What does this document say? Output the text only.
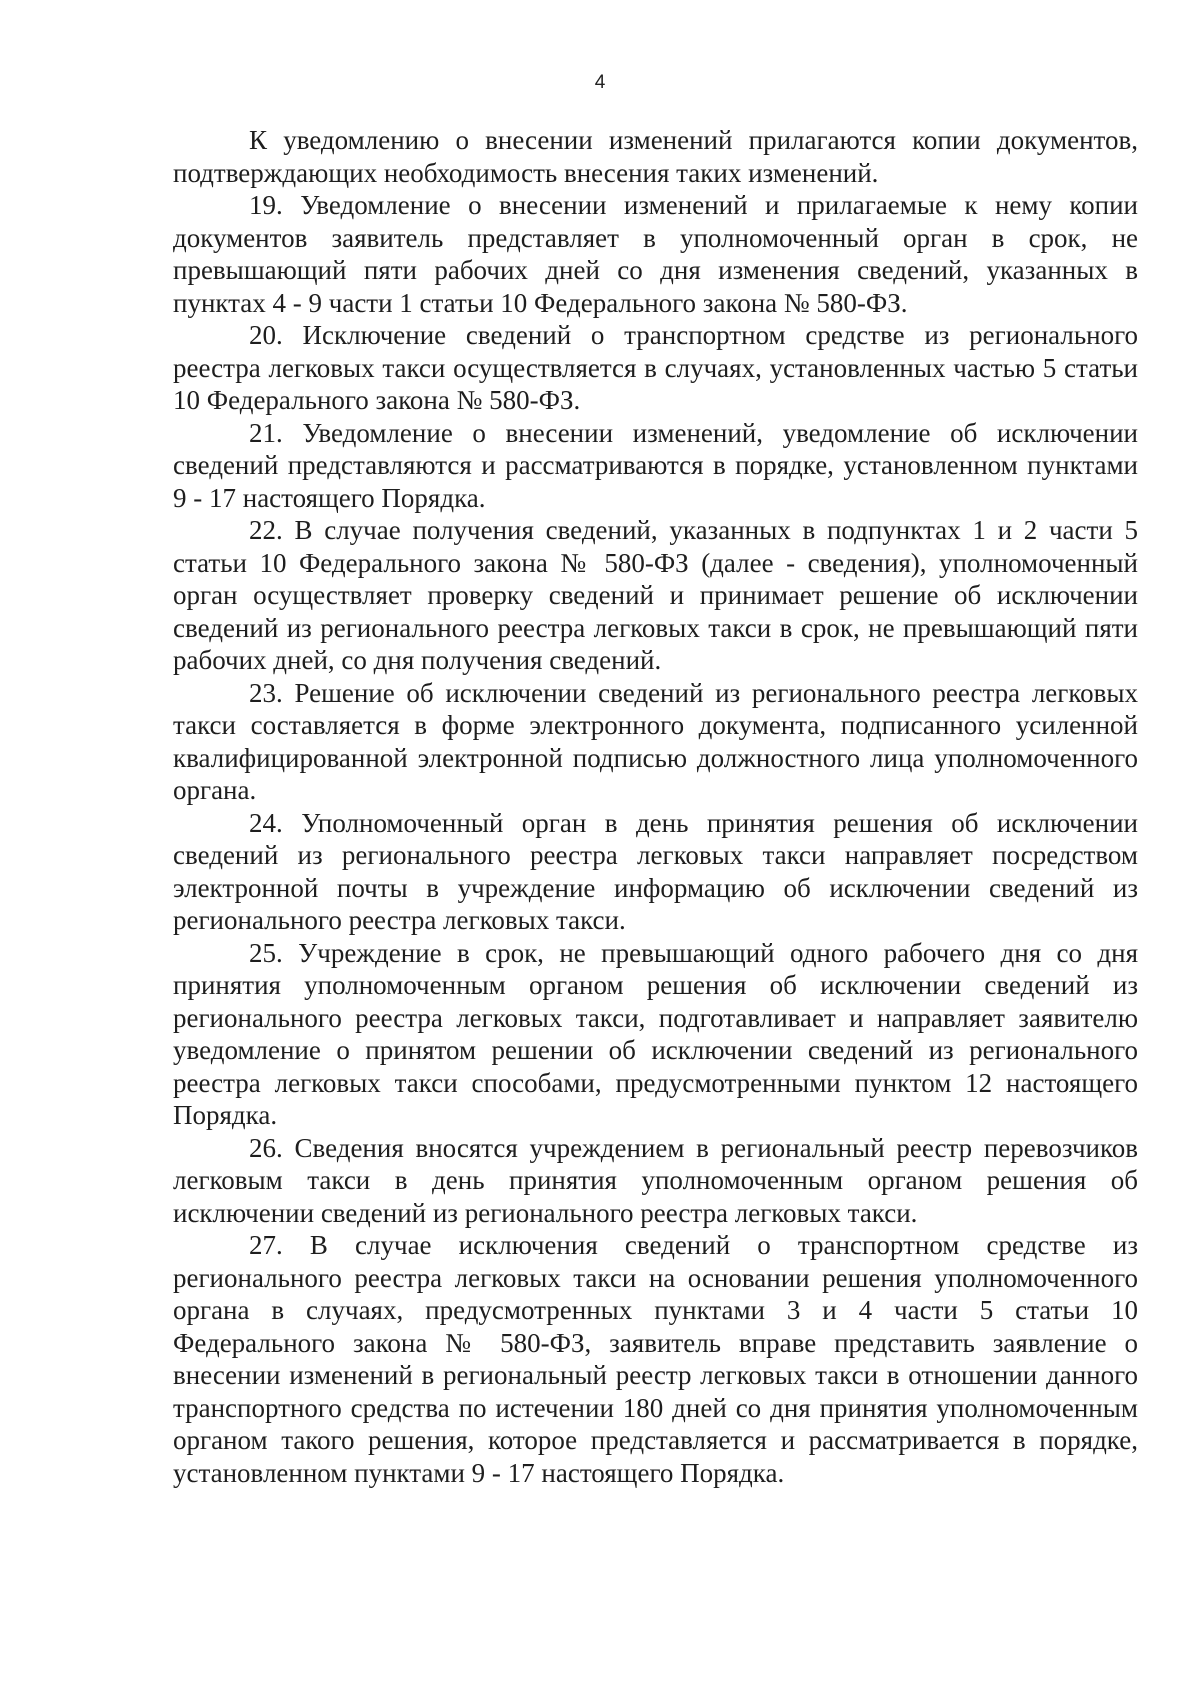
4

К уведомлению о внесении изменений прилагаются копии документов, подтверждающих необходимость внесения таких изменений.

19. Уведомление о внесении изменений и прилагаемые к нему копии документов заявитель представляет в уполномоченный орган в срок, не превышающий пяти рабочих дней со дня изменения сведений, указанных в пунктах 4 - 9 части 1 статьи 10 Федерального закона № 580-ФЗ.

20. Исключение сведений о транспортном средстве из регионального реестра легковых такси осуществляется в случаях, установленных частью 5 статьи 10 Федерального закона № 580-ФЗ.

21. Уведомление о внесении изменений, уведомление об исключении сведений представляются и рассматриваются в порядке, установленном пунктами 9 - 17 настоящего Порядка.

22. В случае получения сведений, указанных в подпунктах 1 и 2 части 5 статьи 10 Федерального закона № 580-ФЗ (далее - сведения), уполномоченный орган осуществляет проверку сведений и принимает решение об исключении сведений из регионального реестра легковых такси в срок, не превышающий пяти рабочих дней, со дня получения сведений.

23. Решение об исключении сведений из регионального реестра легковых такси составляется в форме электронного документа, подписанного усиленной квалифицированной электронной подписью должностного лица уполномоченного органа.

24. Уполномоченный орган в день принятия решения об исключении сведений из регионального реестра легковых такси направляет посредством электронной почты в учреждение информацию об исключении сведений из регионального реестра легковых такси.

25. Учреждение в срок, не превышающий одного рабочего дня со дня принятия уполномоченным органом решения об исключении сведений из регионального реестра легковых такси, подготавливает и направляет заявителю уведомление о принятом решении об исключении сведений из регионального реестра легковых такси способами, предусмотренными пунктом 12 настоящего Порядка.

26. Сведения вносятся учреждением в региональный реестр перевозчиков легковым такси в день принятия уполномоченным органом решения об исключении сведений из регионального реестра легковых такси.

27. В случае исключения сведений о транспортном средстве из регионального реестра легковых такси на основании решения уполномоченного органа в случаях, предусмотренных пунктами 3 и 4 части 5 статьи 10 Федерального закона № 580-ФЗ, заявитель вправе представить заявление о внесении изменений в региональный реестр легковых такси в отношении данного транспортного средства по истечении 180 дней со дня принятия уполномоченным органом такого решения, которое представляется и рассматривается в порядке, установленном пунктами 9 - 17 настоящего Порядка.
